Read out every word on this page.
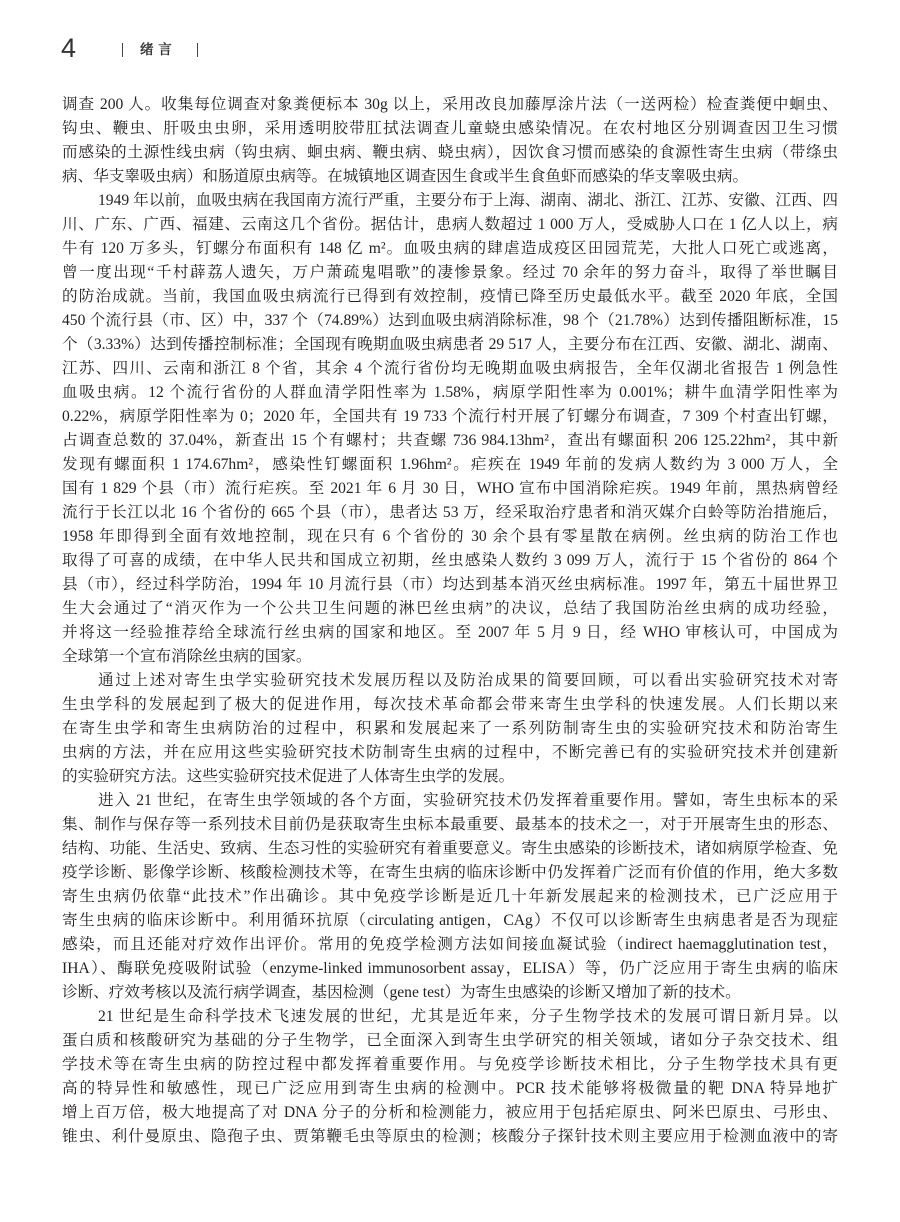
4	绪 言
调查 200 人。收集每位调查对象粪便标本 30g 以上，采用改良加藤厚涂片法（一送两检）检查粪便中蛔虫、
钩虫、鞭虫、肝吸虫虫卵，采用透明胶带肛拭法调查儿童蛲虫感染情况。在农村地区分别调查因卫生习惯
而感染的土源性线虫病（钩虫病、蛔虫病、鞭虫病、蛲虫病），因饮食习惯而感染的食源性寄生虫病（带绦虫
病、华支睾吸虫病）和肠道原虫病等。在城镇地区调查因生食或半生食鱼虾而感染的华支睾吸虫病。
1949 年以前，血吸虫病在我国南方流行严重，主要分布于上海、湖南、湖北、浙江、江苏、安徽、江西、四
川、广东、广西、福建、云南这几个省份。据估计，患病人数超过 1 000 万人，受威胁人口在 1 亿人以上，病
牛有 120 万多头，钉螺分布面积有 148 亿 m²。血吸虫病的肆虐造成疫区田园荒芜，大批人口死亡或逃离，
曾一度出现“千村薜荔人遗矢，万户萧疏鬼唱歌”的凄惨景象。经过 70 余年的努力奋斗，取得了举世瞩目
的防治成就。当前，我国血吸虫病流行已得到有效控制，疫情已降至历史最低水平。截至 2020 年底，全国
450 个流行县（市、区）中，337 个（74.89%）达到血吸虫病消除标准，98 个（21.78%）达到传播阻断标准，15
个（3.33%）达到传播控制标准；全国现有晚期血吸虫病患者 29 517 人，主要分布在江西、安徽、湖北、湖南、
江苏、四川、云南和浙江 8 个省，其余 4 个流行省份均无晚期血吸虫病报告，全年仅湖北省报告 1 例急性
血吸虫病。12 个流行省份的人群血清学阳性率为 1.58%，病原学阳性率为 0.001%；耕牛血清学阳性率为
0.22%，病原学阳性率为 0；2020 年，全国共有 19 733 个流行村开展了钉螺分布调查，7 309 个村查出钉螺，
占调查总数的 37.04%，新查出 15 个有螺村；共查螺 736 984.13hm²，查出有螺面积 206 125.22hm²，其中新
发现有螺面积 1 174.67hm²，感染性钉螺面积 1.96hm²。疟疾在 1949 年前的发病人数约为 3 000 万人，全
国有 1 829 个县（市）流行疟疾。至 2021 年 6 月 30 日，WHO 宣布中国消除疟疾。1949 年前，黑热病曾经
流行于长江以北 16 个省份的 665 个县（市），患者达 53 万，经采取治疗患者和消灭媒介白蛉等防治措施后，
1958 年即得到全面有效地控制，现在只有 6 个省份的 30 余个县有零星散在病例。丝虫病的防治工作也
取得了可喜的成绩，在中华人民共和国成立初期，丝虫感染人数约 3 099 万人，流行于 15 个省份的 864 个
县（市），经过科学防治，1994 年 10 月流行县（市）均达到基本消灭丝虫病标准。1997 年，第五十届世界卫
生大会通过了“消灭作为一个公共卫生问题的淋巴丝虫病”的决议，总结了我国防治丝虫病的成功经验，
并将这一经验推荐给全球流行丝虫病的国家和地区。至 2007 年 5 月 9 日，经 WHO 审核认可，中国成为
全球第一个宣布消除丝虫病的国家。
通过上述对寄生虫学实验研究技术发展历程以及防治成果的简要回顾，可以看出实验研究技术对寄
生虫学科的发展起到了极大的促进作用，每次技术革命都会带来寄生虫学科的快速发展。人们长期以来
在寄生虫学和寄生虫病防治的过程中，积累和发展起来了一系列防制寄生虫的实验研究技术和防治寄生
虫病的方法，并在应用这些实验研究技术防制寄生虫病的过程中，不断完善已有的实验研究技术并创建新
的实验研究方法。这些实验研究技术促进了人体寄生虫学的发展。
进入 21 世纪，在寄生虫学领域的各个方面，实验研究技术仍发挥着重要作用。譬如，寄生虫标本的采
集、制作与保存等一系列技术目前仍是获取寄生虫标本最重要、最基本的技术之一，对于开展寄生虫的形态、
结构、功能、生活史、致病、生态习性的实验研究有着重要意义。寄生虫感染的诊断技术，诸如病原学检查、免
疫学诊断、影像学诊断、核酸检测技术等，在寄生虫病的临床诊断中仍发挥着广泛而有价值的作用，绝大多数
寄生虫病仍依靠“此技术”作出确诊。其中免疫学诊断是近几十年新发展起来的检测技术，已广泛应用于
寄生虫病的临床诊断中。利用循环抗原（circulating antigen，CAg）不仅可以诊断寄生虫病患者是否为现症
感染，而且还能对疗效作出评价。常用的免疫学检测方法如间接血凝试验（indirect haemagglutination test，
IHA）、酶联免疫吸附试验（enzyme-linked immunosorbent assay，ELISA）等，仍广泛应用于寄生虫病的临床
诊断、疗效考核以及流行病学调查，基因检测（gene test）为寄生虫感染的诊断又增加了新的技术。
21 世纪是生命科学技术飞速发展的世纪，尤其是近年来，分子生物学技术的发展可谓日新月异。以
蛋白质和核酸研究为基础的分子生物学，已全面深入到寄生虫学研究的相关领域，诸如分子杂交技术、组
学技术等在寄生虫病的防控过程中都发挥着重要作用。与免疫学诊断技术相比，分子生物学技术具有更
高的特异性和敏感性，现已广泛应用到寄生虫病的检测中。PCR 技术能够将极微量的靶 DNA 特异地扩
增上百万倍，极大地提高了对 DNA 分子的分析和检测能力，被应用于包括疟原虫、阿米巴原虫、弓形虫、
锥虫、利什曼原虫、隐孢子虫、贾第鞭毛虫等原虫的检测；核酸分子探针技术则主要应用于检测血液中的寄
